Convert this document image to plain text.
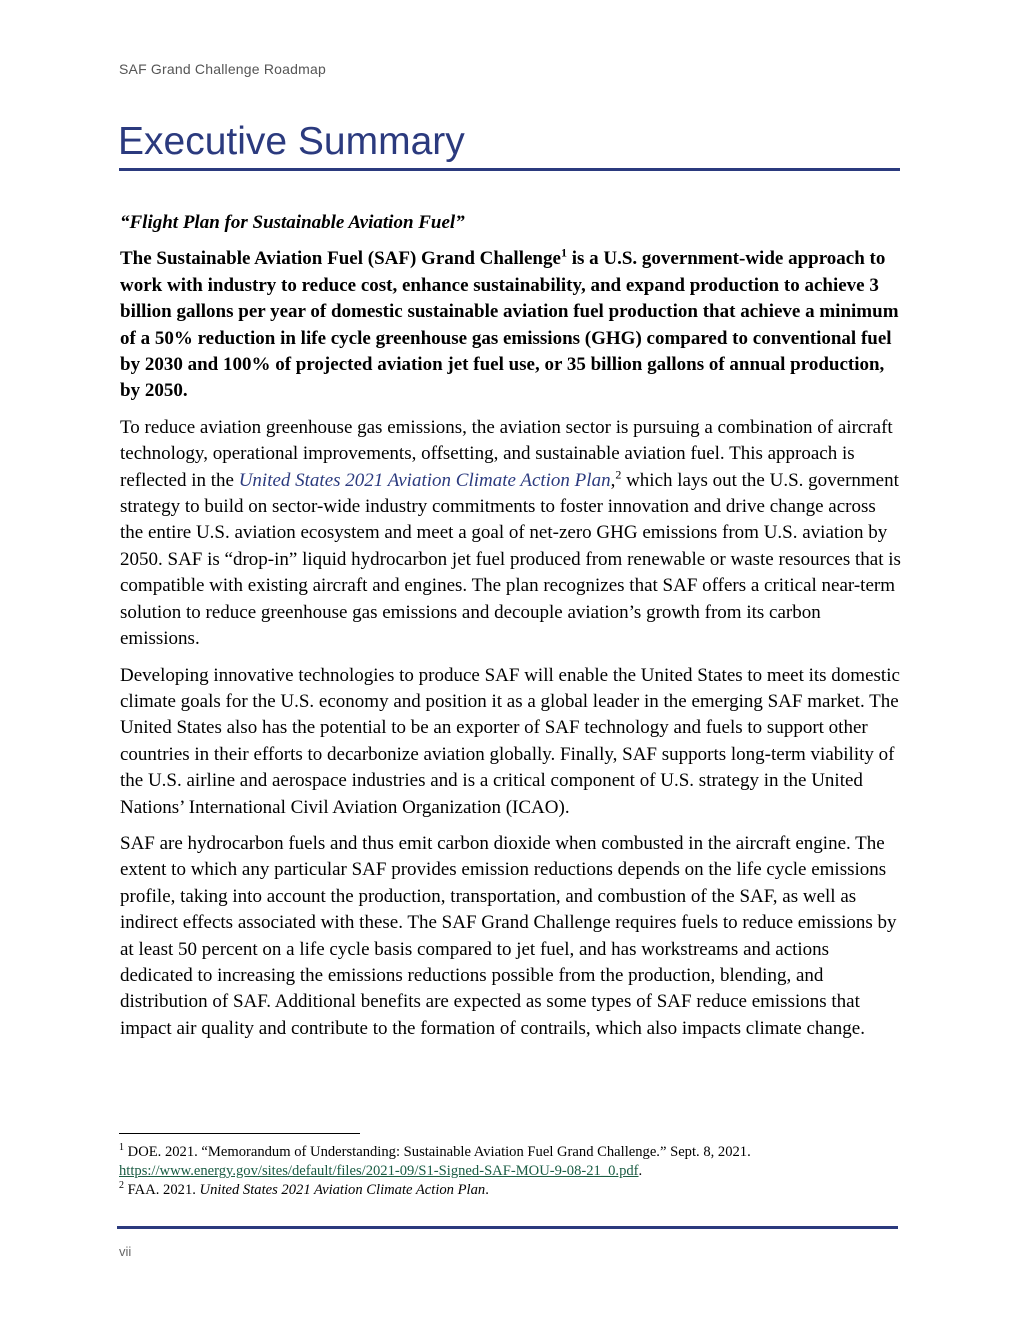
SAF Grand Challenge Roadmap
Executive Summary

“Flight Plan for Sustainable Aviation Fuel”

The Sustainable Aviation Fuel (SAF) Grand Challenge$^1$ is a U.S. government-wide approach to work with industry to reduce cost, enhance sustainability, and expand production to achieve 3 billion gallons per year of domestic sustainable aviation fuel production that achieve a minimum of a 50% reduction in life cycle greenhouse gas emissions (GHG) compared to conventional fuel by 2030 and 100% of projected aviation jet fuel use, or 35 billion gallons of annual production, by 2050.

To reduce aviation greenhouse gas emissions, the aviation sector is pursuing a combination of aircraft technology, operational improvements, offsetting, and sustainable aviation fuel. This approach is reflected in the United States 2021 Aviation Climate Action Plan,$^2$ which lays out the U.S. government strategy to build on sector-wide industry commitments to foster innovation and drive change across the entire U.S. aviation ecosystem and meet a goal of net-zero GHG emissions from U.S. aviation by 2050. SAF is “drop-in” liquid hydrocarbon jet fuel produced from renewable or waste resources that is compatible with existing aircraft and engines. The plan recognizes that SAF offers a critical near-term solution to reduce greenhouse gas emissions and decouple aviation’s growth from its carbon emissions.

Developing innovative technologies to produce SAF will enable the United States to meet its domestic climate goals for the U.S. economy and position it as a global leader in the emerging SAF market. The United States also has the potential to be an exporter of SAF technology and fuels to support other countries in their efforts to decarbonize aviation globally. Finally, SAF supports long-term viability of the U.S. airline and aerospace industries and is a critical component of U.S. strategy in the United Nations’ International Civil Aviation Organization (ICAO).

SAF are hydrocarbon fuels and thus emit carbon dioxide when combusted in the aircraft engine. The extent to which any particular SAF provides emission reductions depends on the life cycle emissions profile, taking into account the production, transportation, and combustion of the SAF, as well as indirect effects associated with these. The SAF Grand Challenge requires fuels to reduce emissions by at least 50 percent on a life cycle basis compared to jet fuel, and has workstreams and actions dedicated to increasing the emissions reductions possible from the production, blending, and distribution of SAF. Additional benefits are expected as some types of SAF reduce emissions that impact air quality and contribute to the formation of contrails, which also impacts climate change.

$^1$ DOE. 2021. “Memorandum of Understanding: Sustainable Aviation Fuel Grand Challenge.” Sept. 8, 2021.
https://www.energy.gov/sites/default/files/2021-09/S1-Signed-SAF-MOU-9-08-21_0.pdf.

$^2$ FAA. 2021. United States 2021 Aviation Climate Action Plan.

vii
